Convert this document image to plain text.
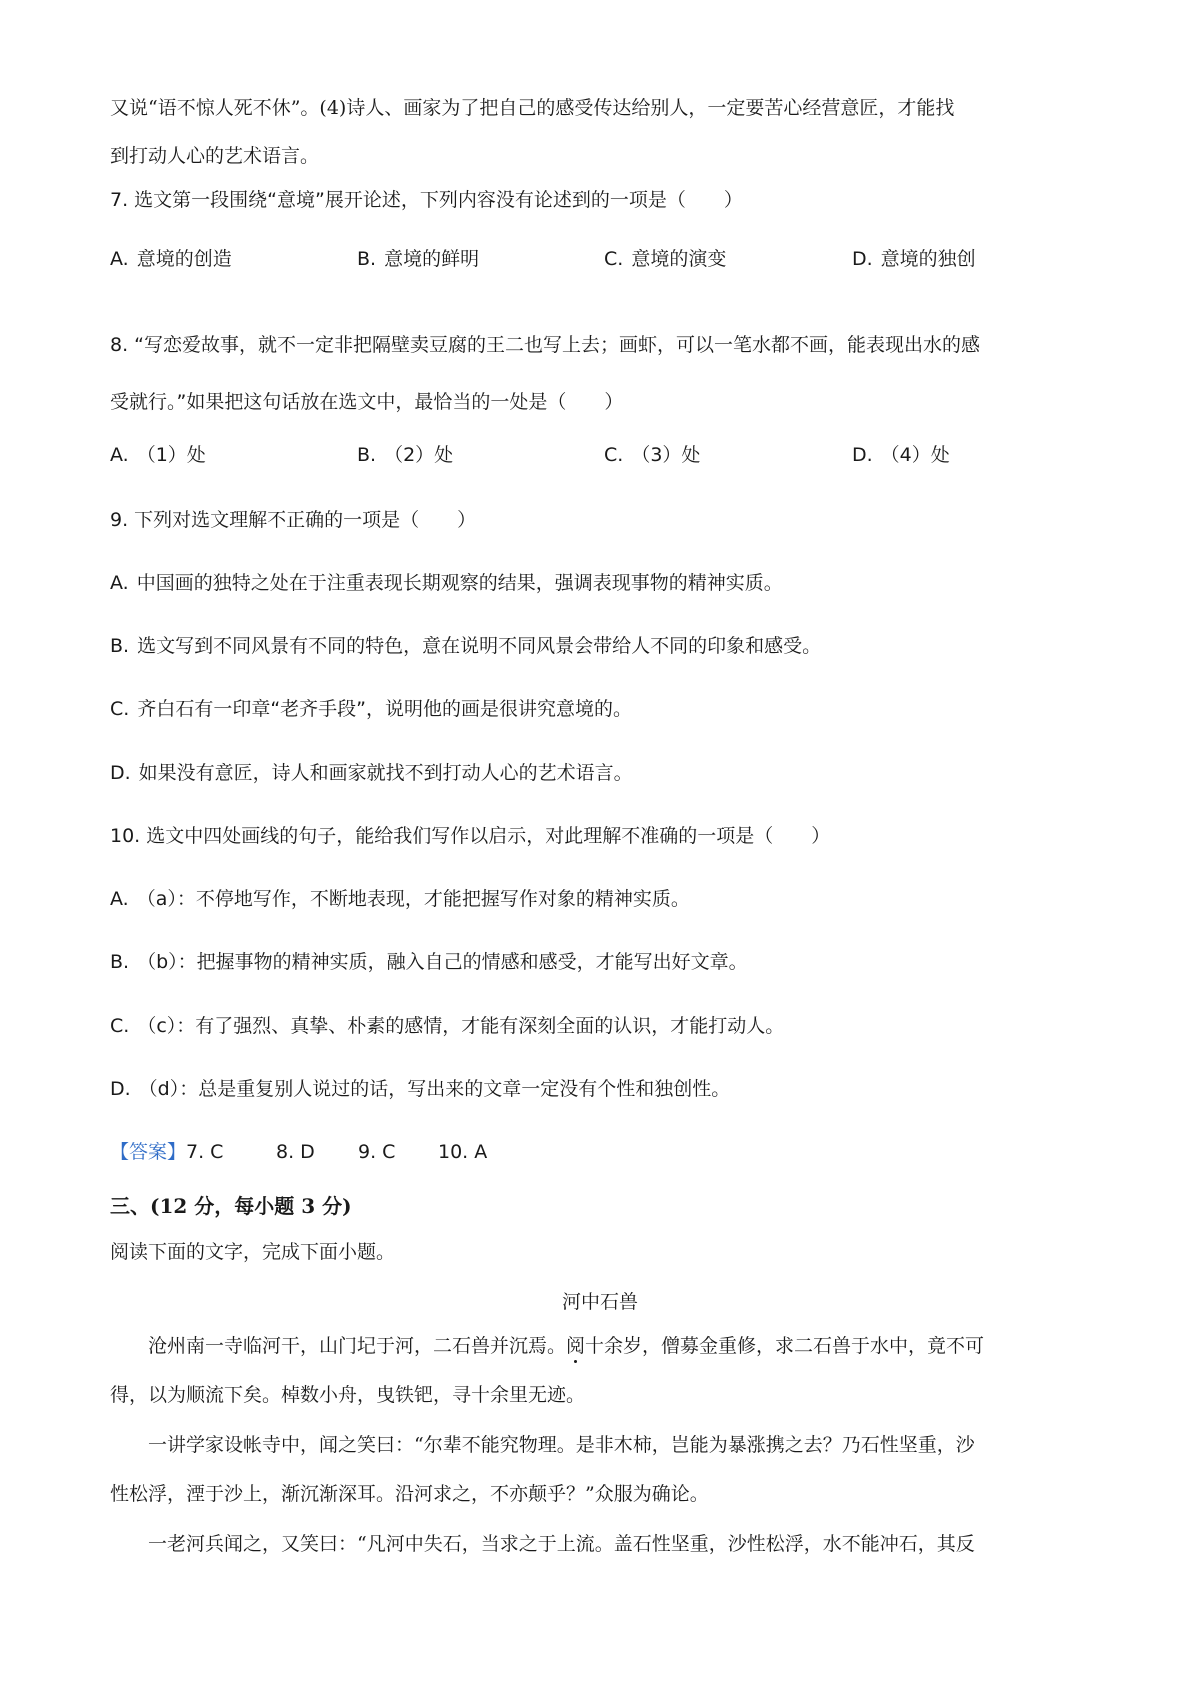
又说“语不惊人死不休”。(4)诗人、画家为了把自己的感受传达给别人，一定要苦心经营意匠，才能找
到打动人心的艺术语言。
7. 选文第一段围绕“意境”展开论述，下列内容没有论述到的一项是（　　）
A. 意境的创造	B. 意境的鲜明	C. 意境的演变	D. 意境的独创
8. “写恋爱故事，就不一定非把隔壁卖豆腐的王二也写上去；画虾，可以一笔水都不画，能表现出水的感
受就行。”如果把这句话放在选文中，最恰当的一处是（　　）
A. （1）处	B. （2）处	C. （3）处	D. （4）处
9. 下列对选文理解不正确的一项是（　　）
A. 中国画的独特之处在于注重表现长期观察的结果，强调表现事物的精神实质。
B. 选文写到不同风景有不同的特色，意在说明不同风景会带给人不同的印象和感受。
C. 齐白石有一印章“老齐手段”，说明他的画是很讲究意境的。
D. 如果没有意匠，诗人和画家就找不到打动人心的艺术语言。
10. 选文中四处画线的句子，能给我们写作以启示，对此理解不准确的一项是（　　）
A. （a）：不停地写作，不断地表现，才能把握写作对象的精神实质。
B. （b）：把握事物的精神实质，融入自己的情感和感受，才能写出好文章。
C. （c）：有了强烈、真挚、朴素的感情，才能有深刻全面的认识，才能打动人。
D. （d）：总是重复别人说过的话，写出来的文章一定没有个性和独创性。
【答案】7. C	8. D 9. C 10. A
三、(12 分，每小题 3 分)
阅读下面的文字，完成下面小题。
河中石兽
沧州南一寺临河干，山门圮于河，二石兽并沉焉。阅十余岁，僧募金重修，求二石兽于水中，竟不可
得，以为顺流下矣。棹数小舟，曳铁钯，寻十余里无迹。
一讲学家设帐寺中，闻之笑曰：“尔辈不能究物理。是非木柿，岂能为暴涨携之去？乃石性坚重，沙
性松浮，湮于沙上，渐沉渐深耳。沿河求之，不亦颠乎？”众服为确论。
一老河兵闻之，又笑曰：“凡河中失石，当求之于上流。盖石性坚重，沙性松浮，水不能冲石，其反
